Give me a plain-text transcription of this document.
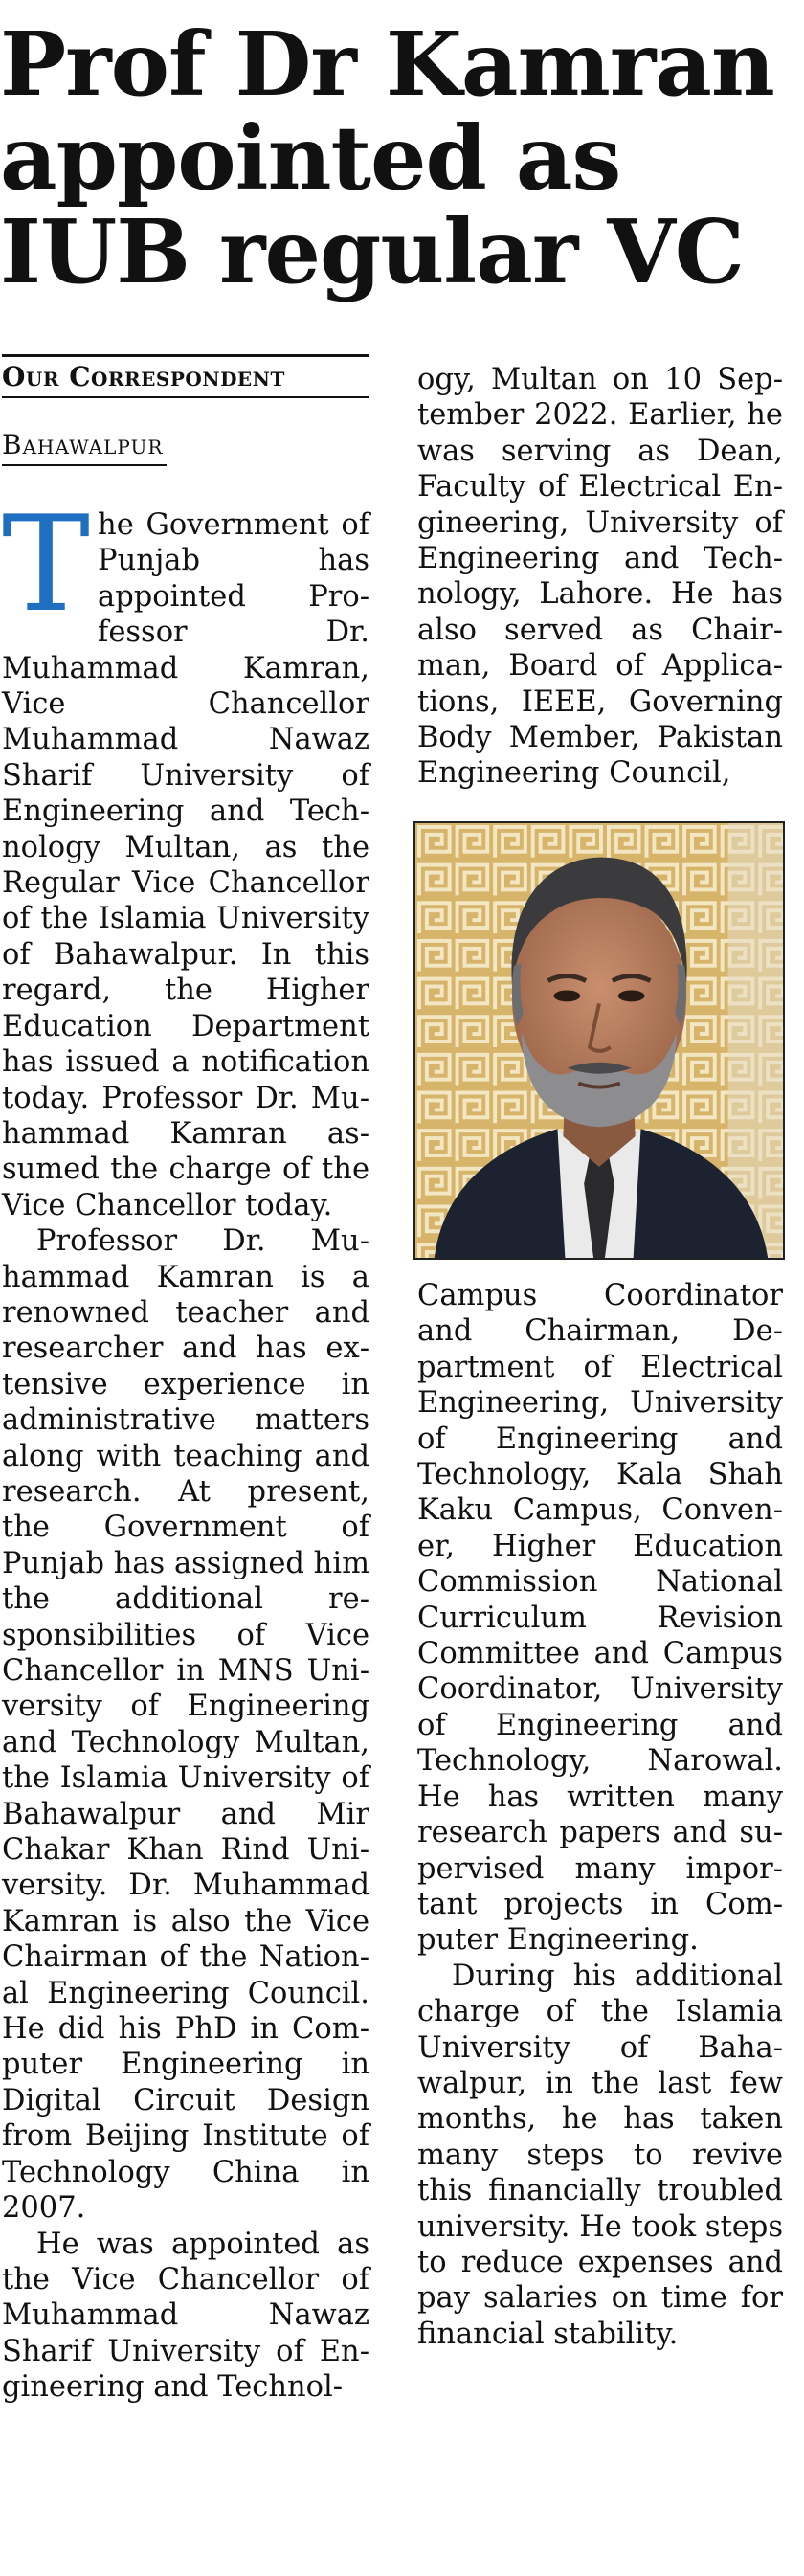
Prof Dr Kamran
appointed as
IUB regular VC
Our Correspondent
Bahawalpur

The Government of Punjab has appointed Professor Dr. Muhammad Kamran, Vice Chancellor Muhammad Nawaz Sharif University of Engineering and Technology Multan, as the Regular Vice Chancellor of the Islamia University of Bahawalpur. In this regard, the Higher Education Department has issued a notification today. Professor Dr. Muhammad Kamran assumed the charge of the Vice Chancellor today.

Professor Dr. Muhammad Kamran is a renowned teacher and researcher and has extensive experience in administrative matters along with teaching and research. At present, the Government of Punjab has assigned him the additional responsibilities of Vice Chancellor in MNS University of Engineering and Technology Multan, the Islamia University of Bahawalpur and Mir Chakar Khan Rind University. Dr. Muhammad Kamran is also the Vice Chairman of the National Engineering Council. He did his PhD in Computer Engineering in Digital Circuit Design from Beijing Institute of Technology China in 2007.

He was appointed as the Vice Chancellor of Muhammad Nawaz Sharif University of Engineering and Technol-

ogy, Multan on 10 September 2022. Earlier, he was serving as Dean, Faculty of Electrical Engineering, University of Engineering and Technology, Lahore. He has also served as Chairman, Board of Applications, IEEE, Governing Body Member, Pakistan Engineering Council,

Campus Coordinator and Chairman, Department of Electrical Engineering, University of Engineering and Technology, Kala Shah Kaku Campus, Convener, Higher Education Commission National Curriculum Revision Committee and Campus Coordinator, University of Engineering and Technology, Narowal. He has written many research papers and supervised many important projects in Computer Engineering.

During his additional charge of the Islamia University of Bahawalpur, in the last few months, he has taken many steps to revive this financially troubled university. He took steps to reduce expenses and pay salaries on time for financial stability.
